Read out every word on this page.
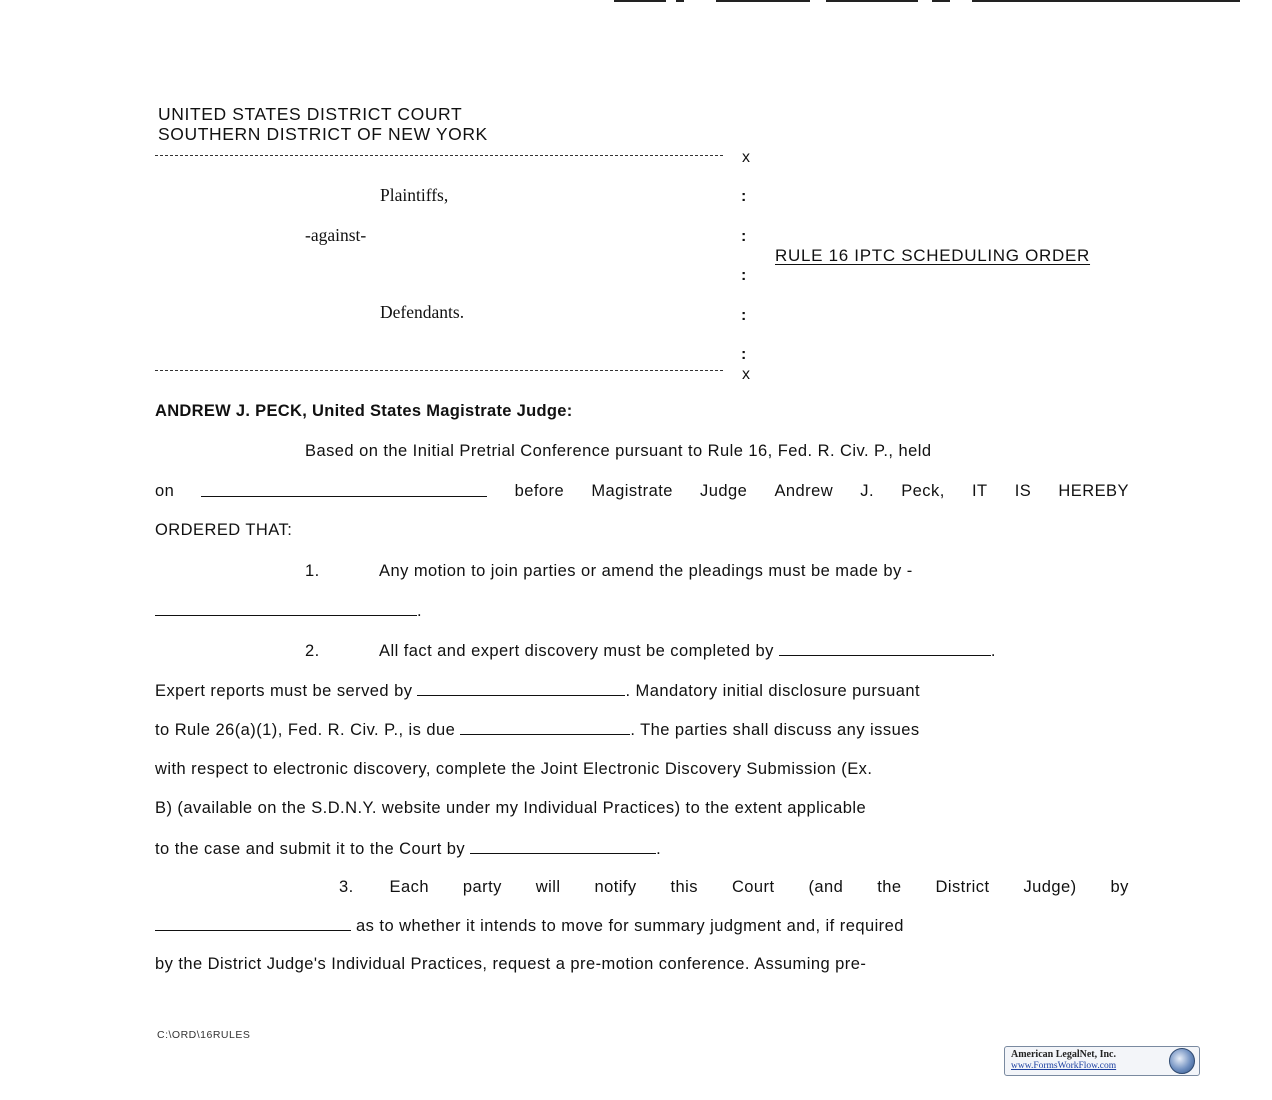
UNITED STATES DISTRICT COURT
SOUTHERN DISTRICT OF NEW YORK
x
Plaintiffs,	:
-against-	:
RULE 16 IPTC SCHEDULING ORDER
:
Defendants.	:
:
x
ANDREW J. PECK, United States Magistrate Judge:
Based on the Initial Pretrial Conference pursuant to Rule 16, Fed. R. Civ. P., held
on	before Magistrate Judge Andrew J. Peck, IT IS HEREBY
ORDERED THAT:
1.	Any motion to join parties or amend the pleadings must be made by -
.
2.	All fact and expert discovery must be completed by	.
Expert reports must be served by	. Mandatory initial disclosure pursuant
to Rule 26(a)(1), Fed. R. Civ. P., is due	. The parties shall discuss any issues
with respect to electronic discovery, complete the Joint Electronic Discovery Submission (Ex.
B) (available on the S.D.N.Y. website under my Individual Practices) to the extent applicable
to the case and submit it to the Court by	.
3. Each party will notify this Court (and the District Judge) by
as to whether it intends to move for summary judgment and, if required
by the District Judge's Individual Practices, request a pre-motion conference. Assuming pre-
C:\ORD\16RULES
American LegalNet, Inc.
www.FormsWorkFlow.com
